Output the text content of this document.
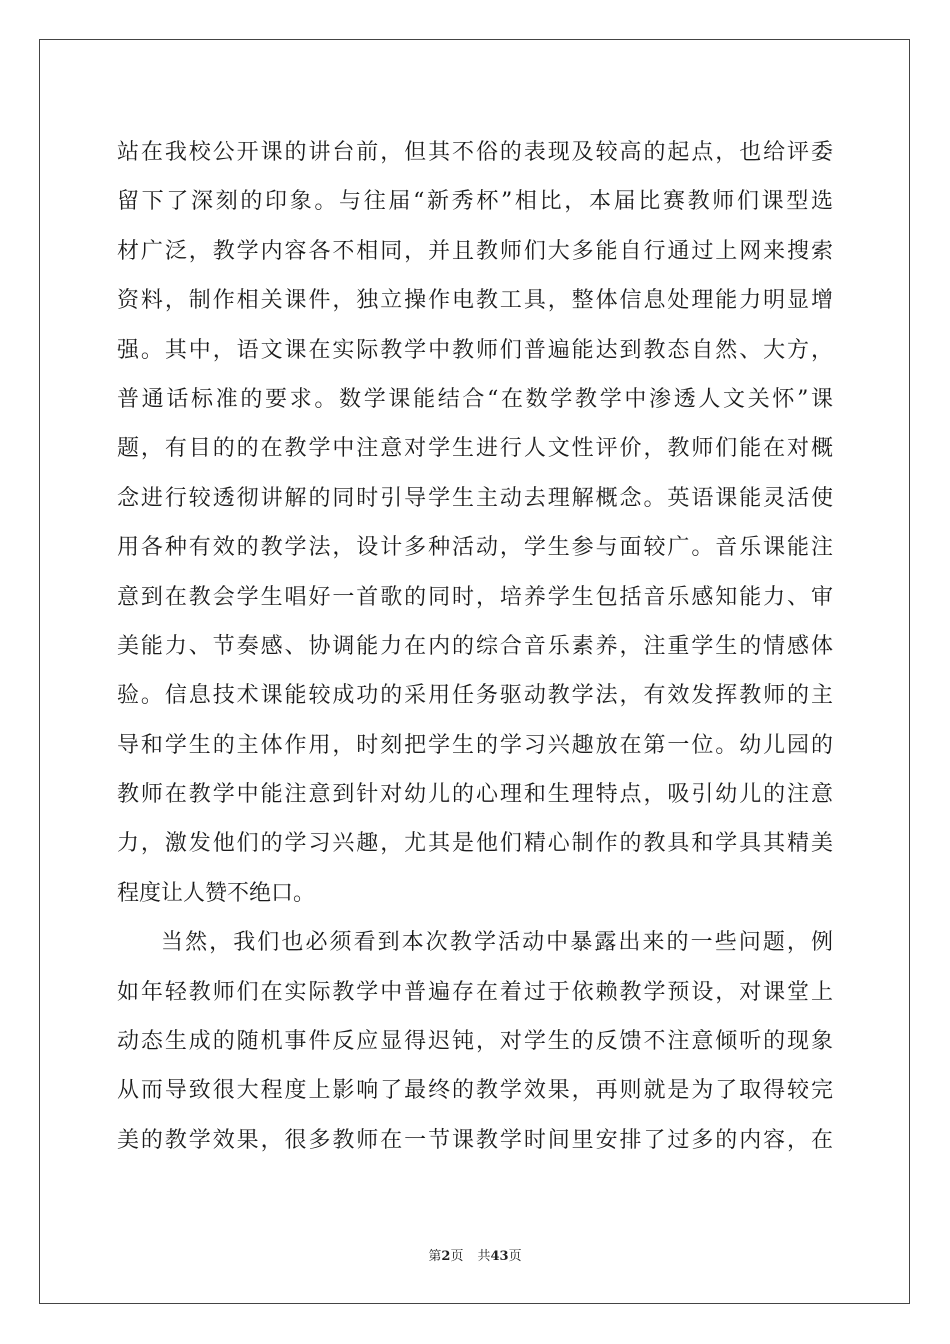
站在我校公开课的讲台前，但其不俗的表现及较高的起点，也给评委
留下了深刻的印象。与往届“新秀杯”相比，本届比赛教师们课型选
材广泛，教学内容各不相同，并且教师们大多能自行通过上网来搜索
资料，制作相关课件，独立操作电教工具，整体信息处理能力明显增
强。其中，语文课在实际教学中教师们普遍能达到教态自然、大方，
普通话标准的要求。数学课能结合“在数学教学中渗透人文关怀”课
题，有目的的在教学中注意对学生进行人文性评价，教师们能在对概
念进行较透彻讲解的同时引导学生主动去理解概念。英语课能灵活使
用各种有效的教学法，设计多种活动，学生参与面较广。音乐课能注
意到在教会学生唱好一首歌的同时，培养学生包括音乐感知能力、审
美能力、节奏感、协调能力在内的综合音乐素养，注重学生的情感体
验。信息技术课能较成功的采用任务驱动教学法，有效发挥教师的主
导和学生的主体作用，时刻把学生的学习兴趣放在第一位。幼儿园的
教师在教学中能注意到针对幼儿的心理和生理特点，吸引幼儿的注意
力，激发他们的学习兴趣，尤其是他们精心制作的教具和学具其精美
程度让人赞不绝口。
当然，我们也必须看到本次教学活动中暴露出来的一些问题，例
如年轻教师们在实际教学中普遍存在着过于依赖教学预设，对课堂上
动态生成的随机事件反应显得迟钝，对学生的反馈不注意倾听的现象
从而导致很大程度上影响了最终的教学效果，再则就是为了取得较完
美的教学效果，很多教师在一节课教学时间里安排了过多的内容，在
第2页 共43页
